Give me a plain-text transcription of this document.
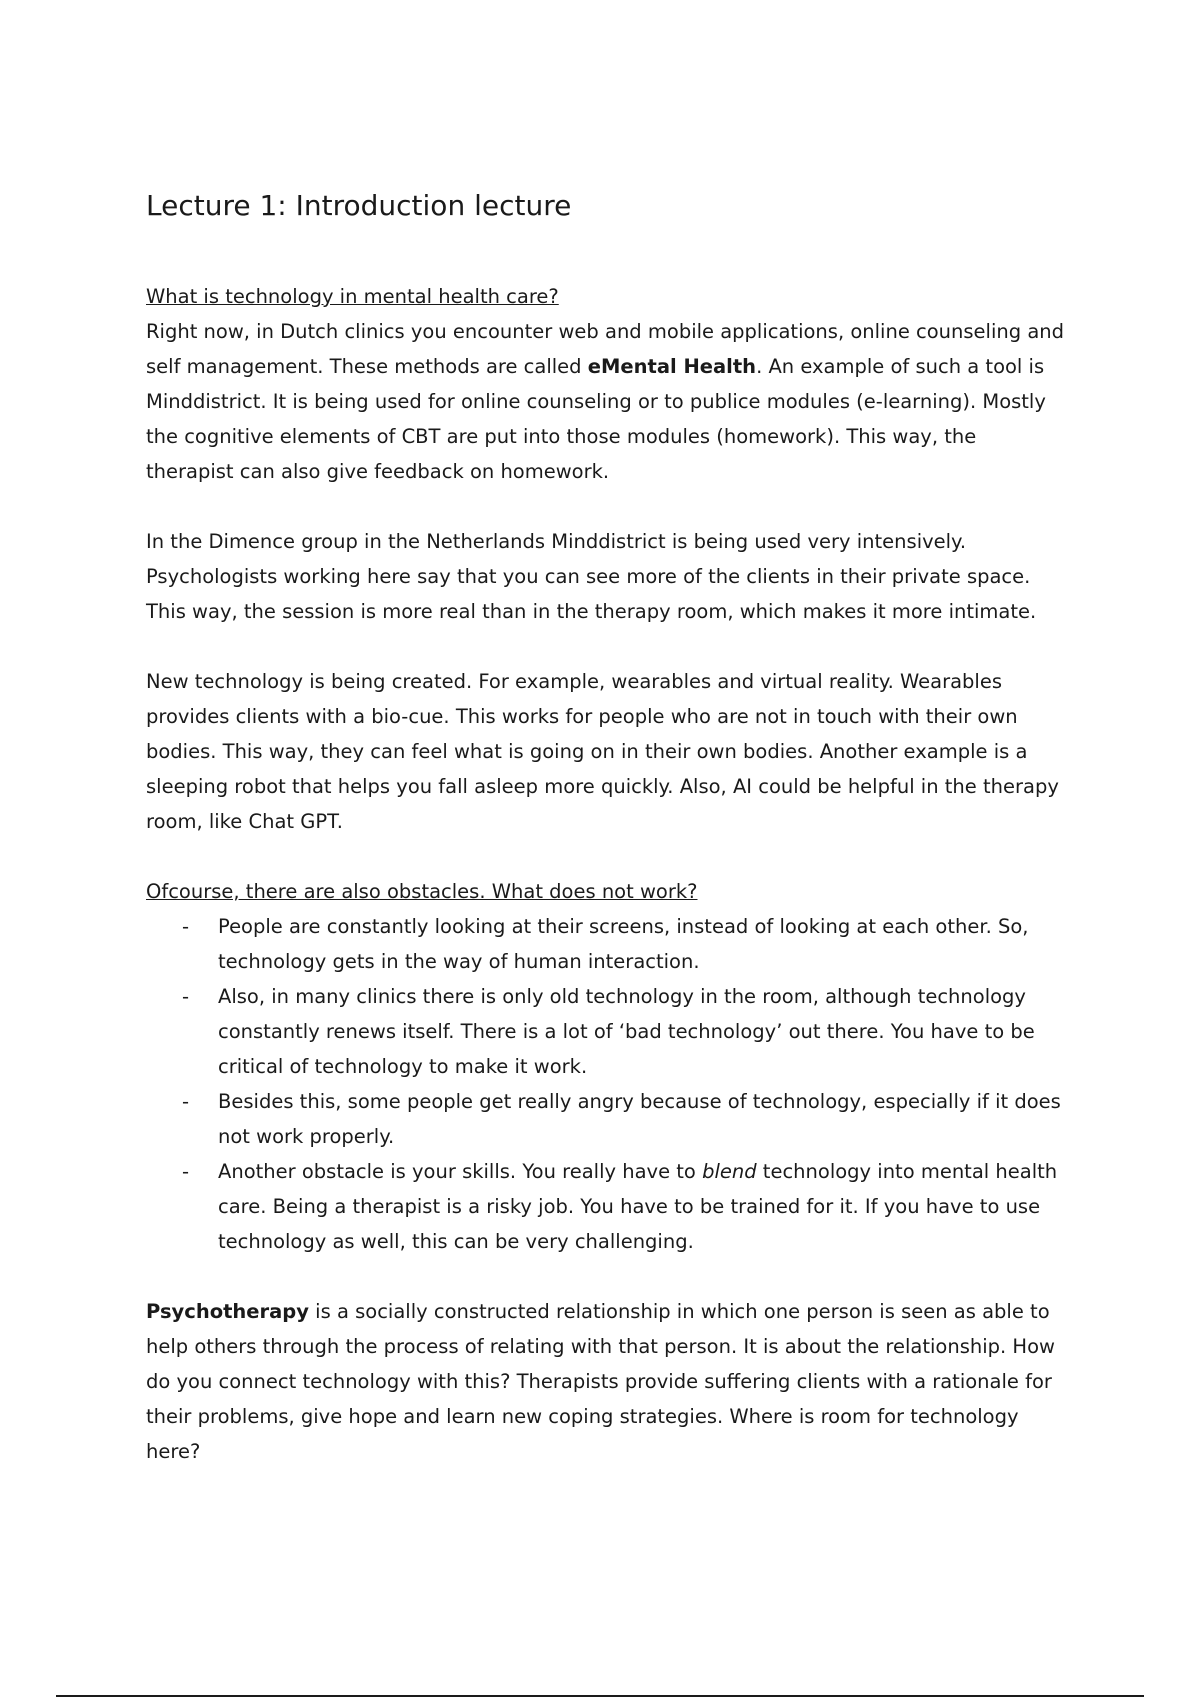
Lecture 1: Introduction lecture

What is technology in mental health care?

Right now, in Dutch clinics you encounter web and mobile applications, online counseling and self management. These methods are called eMental Health. An example of such a tool is Minddistrict. It is being used for online counseling or to publice modules (e-learning). Mostly the cognitive elements of CBT are put into those modules (homework). This way, the therapist can also give feedback on homework.

In the Dimence group in the Netherlands Minddistrict is being used very intensively. Psychologists working here say that you can see more of the clients in their private space. This way, the session is more real than in the therapy room, which makes it more intimate.

New technology is being created. For example, wearables and virtual reality. Wearables provides clients with a bio-cue. This works for people who are not in touch with their own bodies. This way, they can feel what is going on in their own bodies. Another example is a sleeping robot that helps you fall asleep more quickly. Also, AI could be helpful in the therapy room, like Chat GPT.

Ofcourse, there are also obstacles. What does not work?

- People are constantly looking at their screens, instead of looking at each other. So, technology gets in the way of human interaction.
- Also, in many clinics there is only old technology in the room, although technology constantly renews itself. There is a lot of ‘bad technology’ out there. You have to be critical of technology to make it work.
- Besides this, some people get really angry because of technology, especially if it does not work properly.
- Another obstacle is your skills. You really have to blend technology into mental health care. Being a therapist is a risky job. You have to be trained for it. If you have to use technology as well, this can be very challenging.

Psychotherapy is a socially constructed relationship in which one person is seen as able to help others through the process of relating with that person. It is about the relationship. How do you connect technology with this? Therapists provide suffering clients with a rationale for their problems, give hope and learn new coping strategies. Where is room for technology here?
